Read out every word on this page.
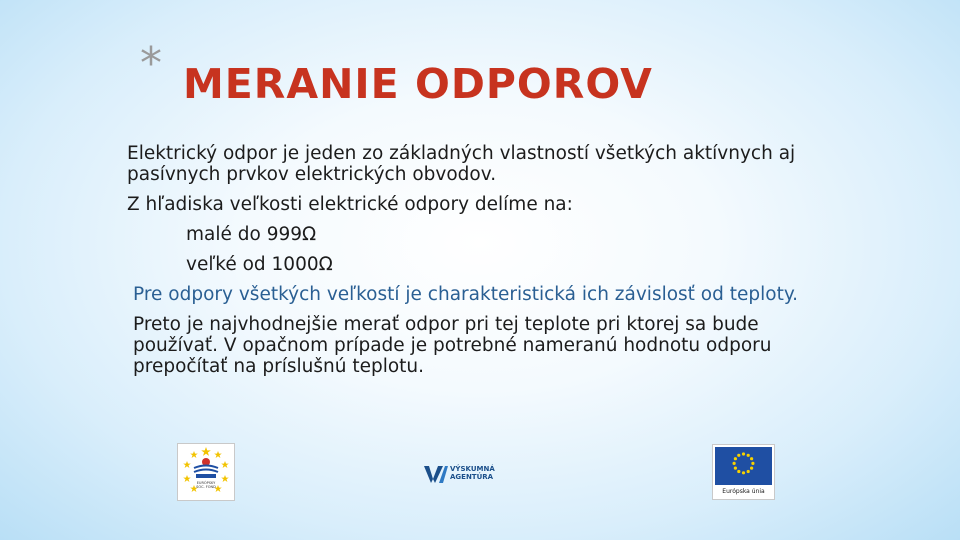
* MERANIE ODPOROV

Elektrický odpor je jeden zo základných vlastností všetkých aktívnych aj pasívnych prvkov elektrických obvodov.

Z hľadiska veľkosti elektrické odpory delíme na:

malé do 999Ω

veľké od 1000Ω

Pre odpory všetkých veľkostí je charakteristická ich závislosť od teploty.

Preto je najvhodnejšie merať odpor pri tej teplote pri ktorej sa bude používať. V opačnom prípade je potrebné nameranú hodnotu odporu prepočítať na príslušnú teplotu.

EURÓPSKY
SOC. FOND
VÝSKUMNÁ
AGENTÚRA
Európska únia
